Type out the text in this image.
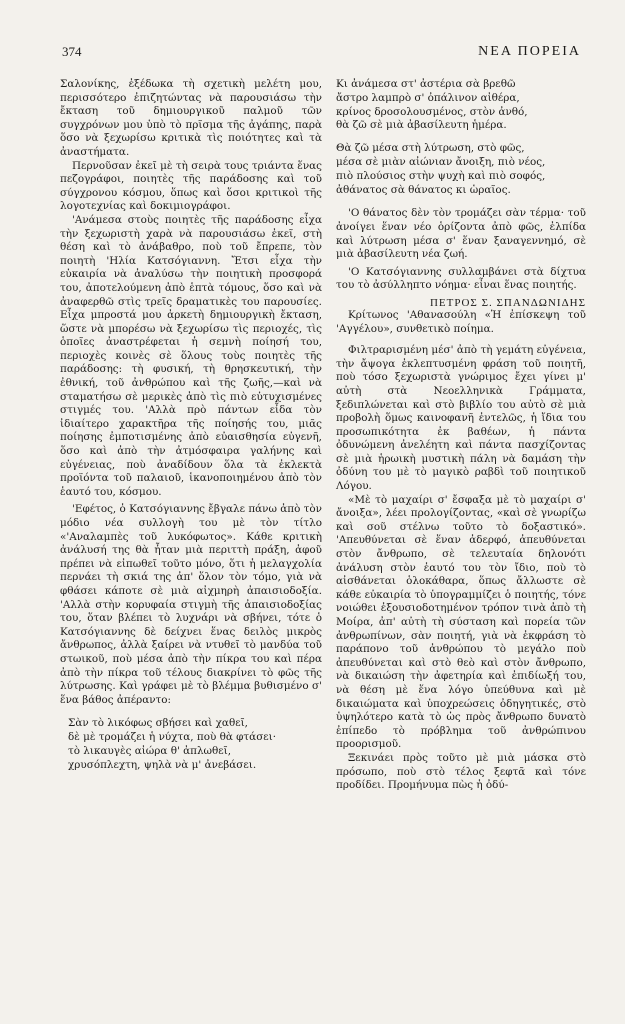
374	ΝΕΑ ΠΟΡΕΙΑ

Σαλονίκης, ἐξέδωκα τὴ σχετικὴ μελέτη μου, περισσότερο ἐπιζητώντας νὰ παρουσιάσω τὴν ἔκταση τοῦ δημιουργικοῦ παλμοῦ τῶν συγχρόνων μου ὑπὸ τὸ πρῖσμα τῆς ἀγάπης, παρὰ ὅσο νὰ ξεχωρίσω κριτικὰ τὶς ποιότητες καὶ τὰ ἀναστήματα.

Περνοῦσαν ἐκεῖ μὲ τὴ σειρὰ τους τριάντα ἕνας πεζογράφοι, ποιητὲς τῆς παράδοσης καὶ τοῦ σύγχρονου κόσμου, ὅπως καὶ ὅσοι κριτικοὶ τῆς λογοτεχνίας καὶ δοκιμιογράφοι.

'Ανάμεσα στοὺς ποιητὲς τῆς παράδοσης εἶχα τὴν ξεχωριστὴ χαρὰ νὰ παρουσιάσω ἐκεῖ, στὴ θέση καὶ τὸ ἀνάβαθρο, ποὺ τοῦ ἔπρεπε, τὸν ποιητὴ 'Ηλία Κατσόγιαννη. Ἔτσι εἶχα τὴν εὐκαιρία νὰ ἀναλύσω τὴν ποιητικὴ προσφορά του, ἀποτελούμενη ἀπὸ ἑπτὰ τόμους, ὅσο καὶ νὰ ἀναφερθῶ στὶς τρεῖς δραματικὲς του παρουσίες. Εἶχα μπροστά μου ἀρκετὴ δημιουργικὴ ἔκταση, ὥστε νὰ μπορέσω νὰ ξεχωρίσω τὶς περιοχές, τὶς ὁποῖες ἀναστρέφεται ἡ σεμνὴ ποίησή του, περιοχὲς κοινὲς σὲ ὅλους τοὺς ποιητὲς τῆς παράδοσης: τὴ φυσική, τὴ θρησκευτική, τὴν ἐθνική, τοῦ ἀνθρώπου καὶ τῆς ζωῆς,—καὶ νὰ σταματήσω σὲ μερικὲς ἀπὸ τὶς πιὸ εὐτυχισμένες στιγμές του. 'Αλλὰ πρὸ πάντων εἶδα τὸν ἰδιαίτερο χαρακτῆρα τῆς ποίησής του, μιᾶς ποίησης ἐμποτισμένης ἀπὸ εὐαισθησία εὐγενῆ, ὅσο καὶ ἀπὸ τὴν ἀτμόσφαιρα γαλήνης καὶ εὐγένειας, ποὺ ἀναδίδουν ὅλα τὰ ἐκλεκτὰ προϊόντα τοῦ παλαιοῦ, ἱκανοποιημένου ἀπὸ τὸν ἑαυτό του, κόσμου.

'Εφέτος, ὁ Κατσόγιαννης ἔβγαλε πάνω ἀπὸ τὸν μόδιο νέα συλλογὴ του μὲ τὸν τίτλο «'Αναλαμπὲς τοῦ λυκόφωτος». Κάθε κριτικὴ ἀνάλυσή της θὰ ἦταν μιὰ περιττὴ πράξη, ἀφοῦ πρέπει νὰ εἰπωθεῖ τοῦτο μόνο, ὅτι ἡ μελαγχολία περνάει τὴ σκιά της ἀπ' ὅλον τὸν τόμο, γιὰ νὰ φθάσει κάποτε σὲ μιὰ αἰχμηρὴ ἀπαισιοδοξία. 'Αλλὰ στὴν κορυφαία στιγμὴ τῆς ἀπαισιοδοξίας του, ὅταν βλέπει τὸ λυχνάρι νὰ σβήνει, τότε ὁ Κατσόγιαννης δὲ δείχνει ἕνας δειλὸς μικρὸς ἄνθρωπος, ἀλλὰ ξαίρει νὰ ντυθεῖ τὸ μανδύα τοῦ στωικοῦ, ποὺ μέσα ἀπὸ τὴν πίκρα του καὶ πέρα ἀπὸ τὴν πίκρα τοῦ τέλους διακρίνει τὸ φῶς τῆς λύτρωσης. Καὶ γράφει μὲ τὸ βλέμμα βυθισμένο σ' ἕνα βάθος ἀπέραντο:

Σὰν τὸ λικόφως σβήσει καὶ χαθεῖ,
δὲ μὲ τρομάζει ἡ νύχτα, ποὺ θὰ φτάσει·
τὸ λικαυγὲς αἰώρα θ' ἀπλωθεῖ,
χρυσόπλεχτη, ψηλὰ νὰ μ' ἀνεβάσει.
Κι ἀνάμεσα στ' ἀστέρια σὰ βρεθῶ
ἄστρο λαμπρὸ σ' ὀπάλινον αἰθέρα,
κρίνος δροσολουσμένος, στὸν ἀνθό,
θὰ ζῶ σὲ μιὰ ἀβασίλευτη ἡμέρα.
Θὰ ζῶ μέσα στὴ λύτρωση, στὸ φῶς,
μέσα σὲ μιὰν αἰώνιαν ἄνοιξη, πιὸ νέος,
πιὸ πλούσιος στὴν ψυχὴ καὶ πιὸ σοφός,
ἀθάνατος σὰ θάνατος κι ὡραῖος.

'Ο θάνατος δὲν τὸν τρομάζει σὰν τέρμα· τοῦ ἀνοίγει ἕναν νέο ὁρίζοντα ἀπὸ φῶς, ἐλπίδα καὶ λύτρωση μέσα σ' ἕναν ξαναγεννημό, σὲ μιὰ ἀβασίλευτη νέα ζωή.

'Ο Κατσόγιαννης συλλαμβάνει στὰ δίχτυα του τὸ ἀσύλληπτο νόημα· εἶναι ἕνας ποιητής.

ΠΕΤΡΟΣ Σ. ΣΠΑΝΔΩΝΙΔΗΣ

Κρίτωνος 'Αθανασούλη «Ἡ ἐπίσκεψη τοῦ 'Αγγέλου», συνθετικὸ ποίημα.

Φιλτραρισμένη μέσ' ἀπὸ τὴ γεμάτη εὐγένεια, τὴν ἄψογα ἐκλεπτυσμένη φράση τοῦ ποιητῆ, ποὺ τόσο ξεχωριστὰ γνώριμος ἔχει γίνει μ' αὐτὴ στὰ Νεοελληνικὰ Γράμματα, ξεδιπλώνεται καὶ στὸ βιβλίο του αὐτὸ σὲ μιὰ προβολὴ ὅμως καινοφανῆ ἐντελῶς, ἡ ἴδια του προσωπικότητα ἐκ βαθέων, ἡ πάντα ὀδυνώμενη ἀνελέητη καὶ πάντα πασχίζοντας σὲ μιὰ ἡρωικὴ μυστικὴ πάλη νὰ δαμάση τὴν ὀδύνη του μὲ τὸ μαγικὸ ραβδὶ τοῦ ποιητικοῦ Λόγου.

«Μὲ τὸ μαχαίρι σ' ἔσφαξα μὲ τὸ μαχαίρι σ' ἄνοιξα», λέει προλογίζοντας, «καὶ σὲ γνωρίζω καὶ σοῦ στέλνω τοῦτο τὸ δοξαστικό». 'Απευθύνεται σὲ ἕναν ἀδερφό, ἀπευθύνεται στὸν ἄνθρωπο, σὲ τελευταία δηλονότι ἀνάλυση στὸν ἑαυτό του τὸν ἴδιο, ποὺ τὸ αἰσθάνεται ὁλοκάθαρα, ὅπως ἄλλωστε σὲ κάθε εὐκαιρία τὸ ὑπογραμμίζει ὁ ποιητής, τόνε νοιώθει ἐξουσιοδοτημένον τρόπον τινὰ ἀπὸ τὴ Μοίρα, ἀπ' αὐτὴ τὴ σύσταση καὶ πορεία τῶν ἀνθρωπίνων, σὰν ποιητή, γιὰ νὰ ἐκφράση τὸ παράπονο τοῦ ἀνθρώπου τὸ μεγάλο ποὺ ἀπευθύνεται καὶ στὸ θεὸ καὶ στὸν ἄνθρωπο, νὰ δικαιώση τὴν ἀφετηρία καὶ ἐπιδίωξή του, νὰ θέση μὲ ἕνα λόγο ὑπεύθυνα καὶ μὲ δικαιώματα καὶ ὑποχρεώσεις ὀδηγητικές, στὸ ὑψηλότερο κατὰ τὸ ὡς πρὸς ἄνθρωπο δυνατὸ ἐπίπεδο τὸ πρόβλημα τοῦ ἀνθρώπινου προορισμοῦ.

Ξεκινάει πρὸς τοῦτο μὲ μιὰ μάσκα στὸ πρόσωπο, ποὺ στὸ τέλος ξεφτᾶ καὶ τόνε προδίδει. Προμήνυμα πὼς ἡ ὀδύ-
